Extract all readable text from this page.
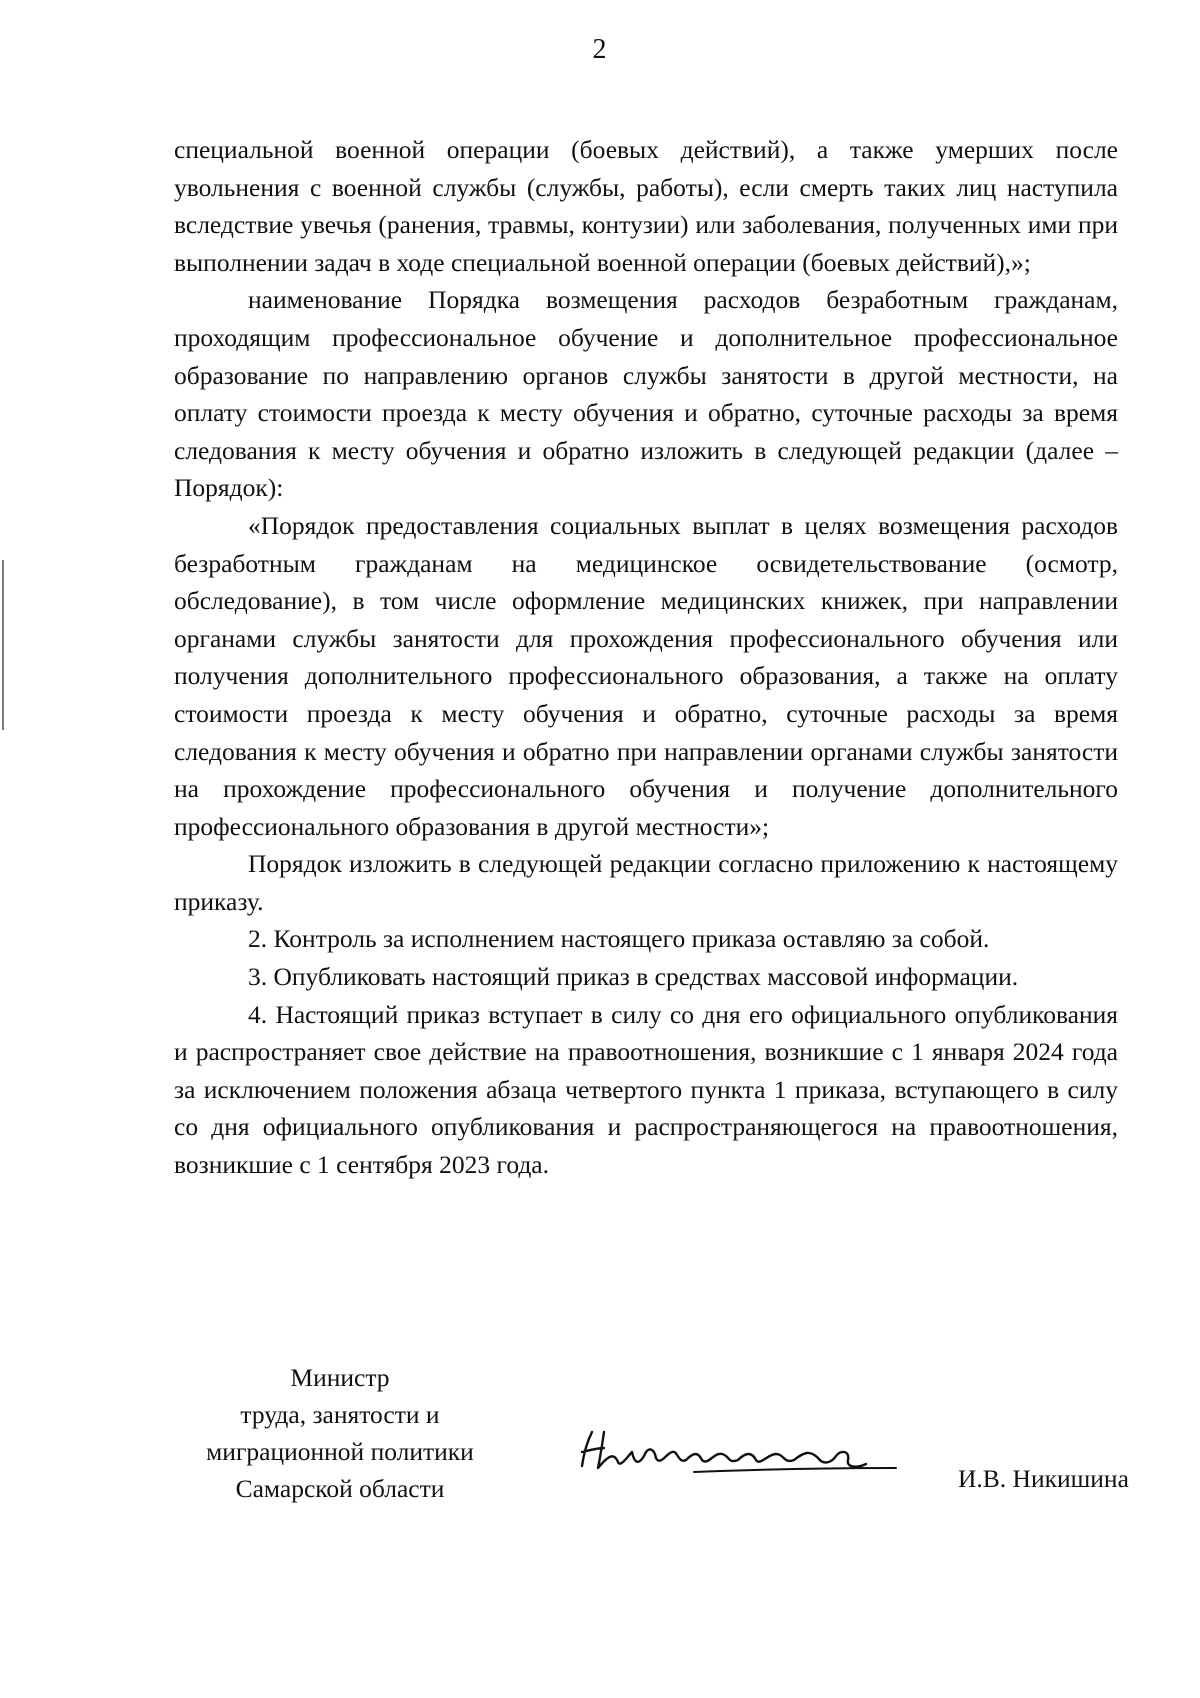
2

специальной военной операции (боевых действий), а также умерших после увольнения с военной службы (службы, работы), если смерть таких лиц наступила вследствие увечья (ранения, травмы, контузии) или заболевания, полученных ими при выполнении задач в ходе специальной военной операции (боевых действий),»;

наименование Порядка возмещения расходов безработным гражданам, проходящим профессиональное обучение и дополнительное профессиональное образование по направлению органов службы занятости в другой местности, на оплату стоимости проезда к месту обучения и обратно, суточные расходы за время следования к месту обучения и обратно изложить в следующей редакции (далее – Порядок):

«Порядок предоставления социальных выплат в целях возмещения расходов безработным гражданам на медицинское освидетельствование (осмотр, обследование), в том числе оформление медицинских книжек, при направлении органами службы занятости для прохождения профессионального обучения или получения дополнительного профессионального образования, а также на оплату стоимости проезда к месту обучения и обратно, суточные расходы за время следования к месту обучения и обратно при направлении органами службы занятости на прохождение профессионального обучения и получение дополнительного профессионального образования в другой местности»;

Порядок изложить в следующей редакции согласно приложению к настоящему приказу.

2. Контроль за исполнением настоящего приказа оставляю за собой.

3. Опубликовать настоящий приказ в средствах массовой информации.

4. Настоящий приказ вступает в силу со дня его официального опубликования и распространяет свое действие на правоотношения, возникшие с 1 января 2024 года за исключением положения абзаца четвертого пункта 1 приказа, вступающего в силу со дня официального опубликования и распространяющегося на правоотношения, возникшие с 1 сентября 2023 года.

Министр
труда, занятости и
миграционной политики
Самарской области	И.В. Никишина
